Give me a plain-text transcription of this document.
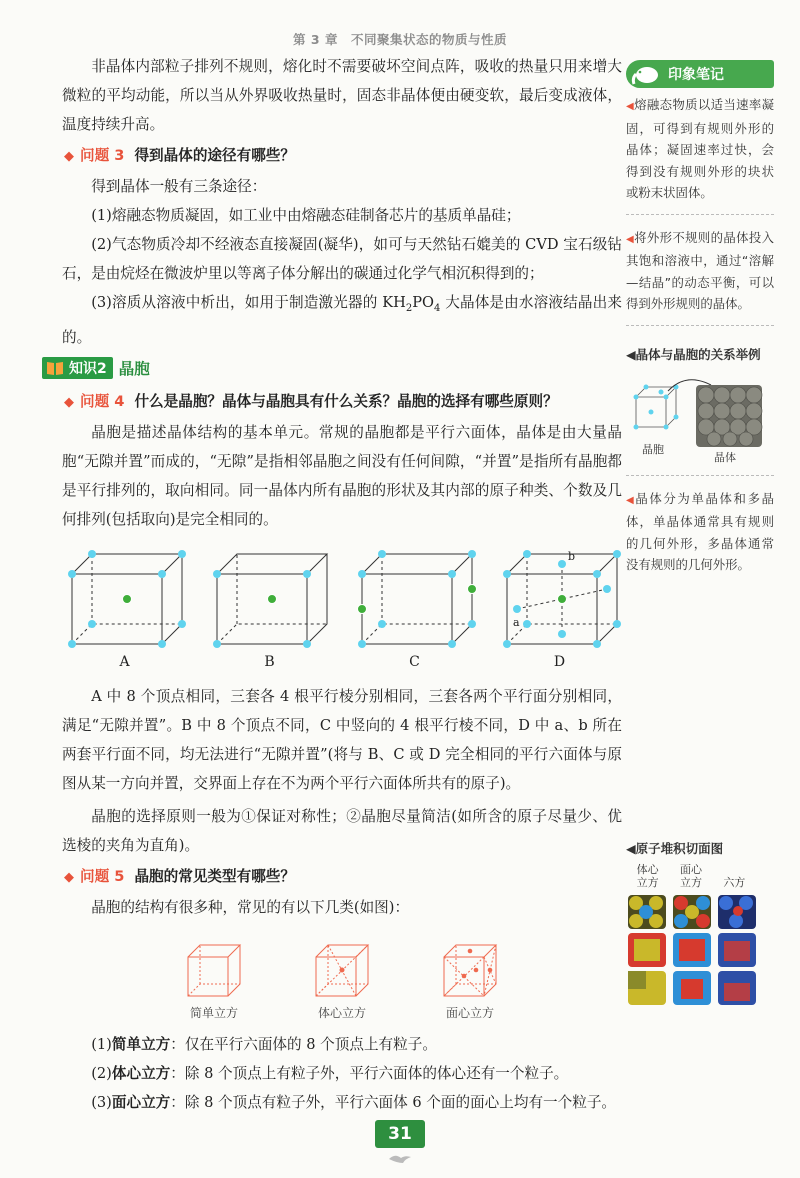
第 3 章　不同聚集状态的物质与性质

非晶体内部粒子排列不规则，熔化时不需要破坏空间点阵，吸收的热量只用来增大微粒的平均动能，所以当从外界吸收热量时，固态非晶体便由硬变软，最后变成液体，温度持续升高。

◆ 问题 3 得到晶体的途径有哪些？

得到晶体一般有三条途径：

(1)熔融态物质凝固，如工业中由熔融态硅制备芯片的基质单晶硅；

(2)气态物质冷却不经液态直接凝固(凝华)，如可与天然钻石媲美的 CVD 宝石级钻石，是由烷烃在微波炉里以等离子体分解出的碳通过化学气相沉积得到的；

(3)溶质从溶液中析出，如用于制造激光器的 $KH_2PO_4$ 大晶体是由水溶液结晶出来的。

知识2 晶胞
◆ 问题 4 什么是晶胞？晶体与晶胞具有什么关系？晶胞的选择有哪些原则？

晶胞是描述晶体结构的基本单元。常规的晶胞都是平行六面体，晶体是由大量晶胞“无隙并置”而成的，“无隙”是指相邻晶胞之间没有任何间隙，“并置”是指所有晶胞都是平行排列的，取向相同。同一晶体内所有晶胞的形状及其内部的原子种类、个数及几何排列(包括取向)是完全相同的。

A	B	C
a
b
D

A 中 8 个顶点相同，三套各 4 根平行棱分别相同，三套各两个平行面分别相同，满足“无隙并置”。B 中 8 个顶点不同，C 中竖向的 4 根平行棱不同，D 中 a、b 所在两套平行面不同，均无法进行“无隙并置”(将与 B、C 或 D 完全相同的平行六面体与原图从某一方向并置，交界面上存在不为两个平行六面体所共有的原子)。

晶胞的选择原则一般为①保证对称性；②晶胞尽量简洁(如所含的原子尽量少、优选棱的夹角为直角)。

◆ 问题 5 晶胞的常见类型有哪些？

晶胞的结构有很多种，常见的有以下几类(如图)：

简单立方	体心立方	面心立方

(1)简单立方：仅在平行六面体的 8 个顶点上有粒子。

(2)体心立方：除 8 个顶点上有粒子外，平行六面体的体心还有一个粒子。

(3)面心立方：除 8 个顶点有粒子外，平行六面体 6 个面的面心上均有一个粒子。

印象笔记
◀熔融态物质以适当速率凝固，可得到有规则外形的晶体；凝固速率过快，会得到没有规则外形的块状或粉末状固体。
◀将外形不规则的晶体投入其饱和溶液中，通过“溶解—结晶”的动态平衡，可以得到外形规则的晶体。
◀晶体与晶胞的关系举例
晶胞
晶体
◀晶体分为单晶体和多晶体，单晶体通常具有规则的几何外形，多晶体通常没有规则的几何外形。
◀原子堆积切面图
体心立方
面心立方 六方
31
